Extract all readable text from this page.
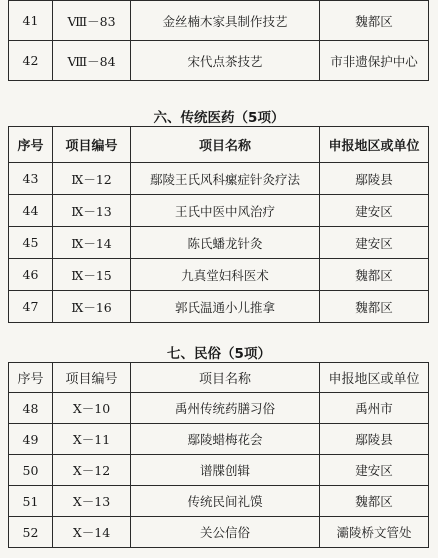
41	Ⅷ－83	金丝楠木家具制作技艺	魏都区
42	Ⅷ－84	宋代点茶技艺	市非遗保护中心
六、传统医药（5项）
序号	项目编号	项目名称	申报地区或单位
43	Ⅸ－12	鄢陵王氏风科瘰症针灸疗法	鄢陵县
44	Ⅸ－13	王氏中医中风治疗	建安区
45	Ⅸ－14	陈氏蟠龙针灸	建安区
46	Ⅸ－15	九真堂妇科医术	魏都区
47	Ⅸ－16	郭氏温通小儿推拿	魏都区
七、民俗（5项）
序号	项目编号	项目名称	申报地区或单位
48	Ⅹ－10	禹州传统药膳习俗	禹州市
49	Ⅹ－11	鄢陵蜡梅花会	鄢陵县
50	Ⅹ－12	谱牒创辑	建安区
51	Ⅹ－13	传统民间礼馍	魏都区
52	Ⅹ－14	关公信俗	灞陵桥文管处
